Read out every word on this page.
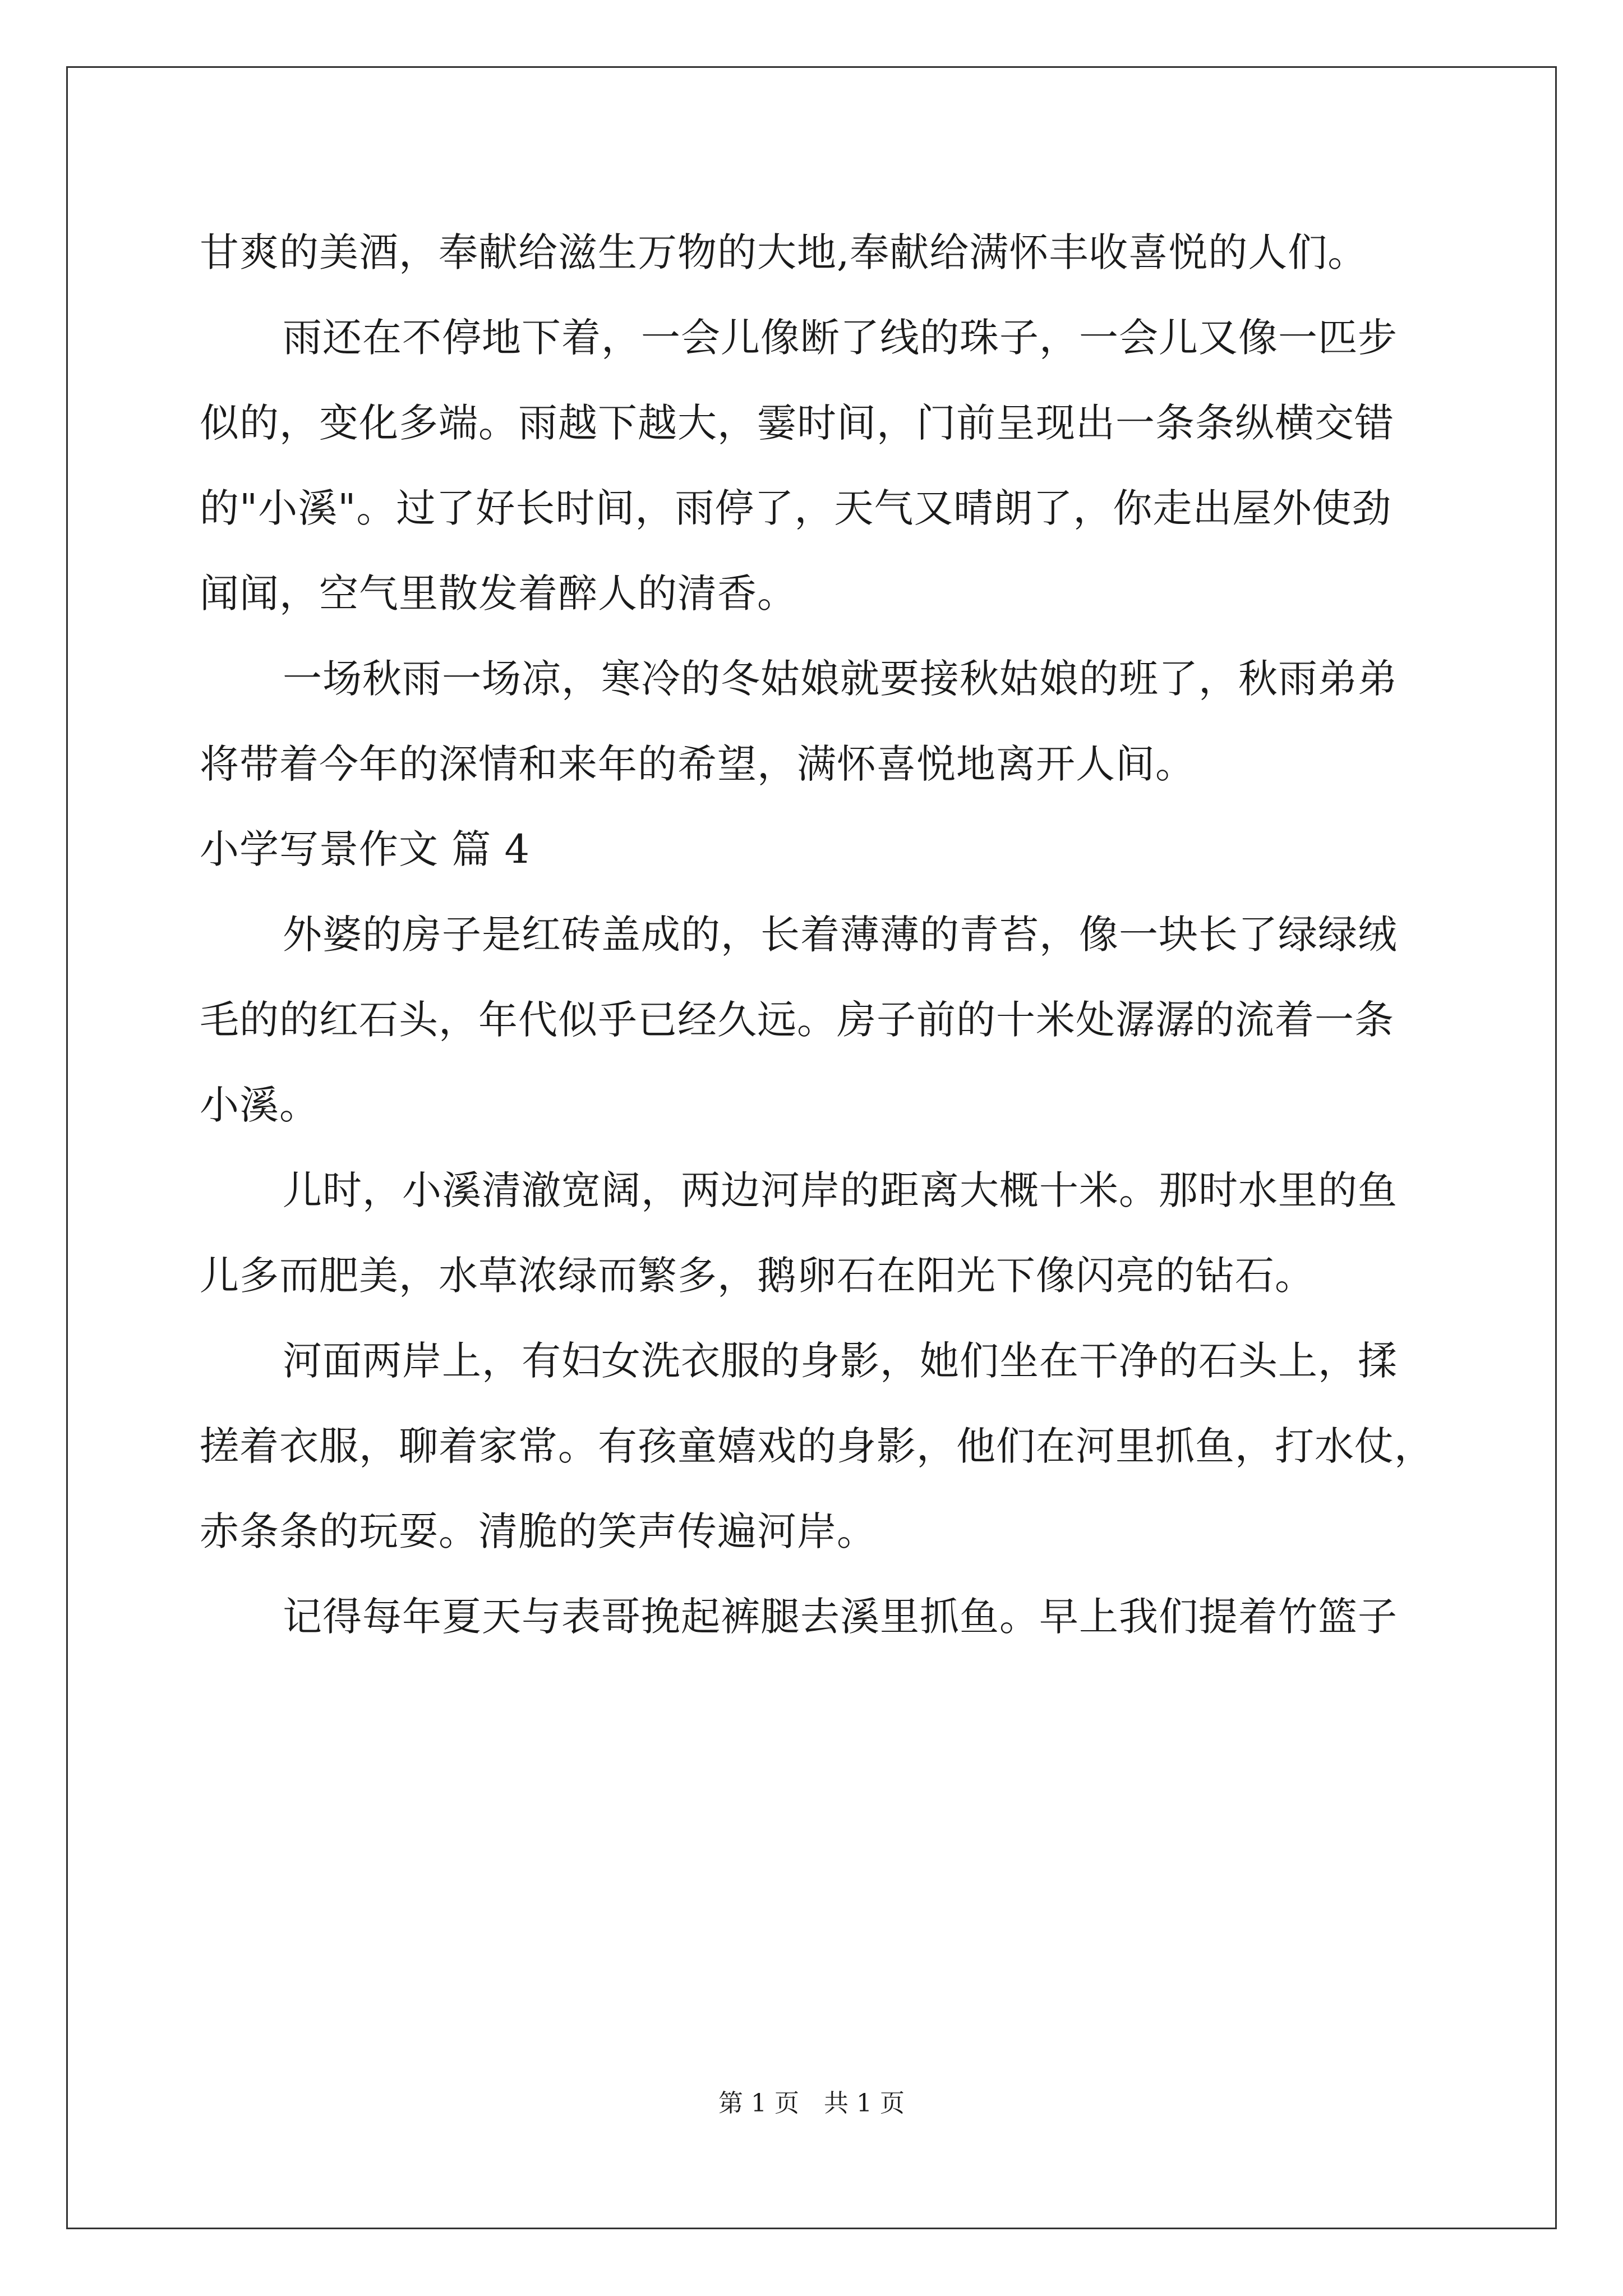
甘爽的美酒，奉献给滋生万物的大地,奉献给满怀丰收喜悦的人们。
雨还在不停地下着，一会儿像断了线的珠子，一会儿又像一匹步
似的，变化多端。雨越下越大，霎时间，门前呈现出一条条纵横交错
的"小溪"。过了好长时间，雨停了，天气又晴朗了，你走出屋外使劲
闻闻，空气里散发着醉人的清香。
一场秋雨一场凉，寒冷的冬姑娘就要接秋姑娘的班了，秋雨弟弟
将带着今年的深情和来年的希望，满怀喜悦地离开人间。
小学写景作文 篇 4
外婆的房子是红砖盖成的，长着薄薄的青苔，像一块长了绿绿绒
毛的的红石头，年代似乎已经久远。房子前的十米处潺潺的流着一条
小溪。
儿时，小溪清澈宽阔，两边河岸的距离大概十米。那时水里的鱼
儿多而肥美，水草浓绿而繁多，鹅卵石在阳光下像闪亮的钻石。
河面两岸上，有妇女洗衣服的身影，她们坐在干净的石头上，揉
搓着衣服，聊着家常。有孩童嬉戏的身影，他们在河里抓鱼，打水仗，
赤条条的玩耍。清脆的笑声传遍河岸。
记得每年夏天与表哥挽起裤腿去溪里抓鱼。早上我们提着竹篮子
第 1 页　共 1 页
